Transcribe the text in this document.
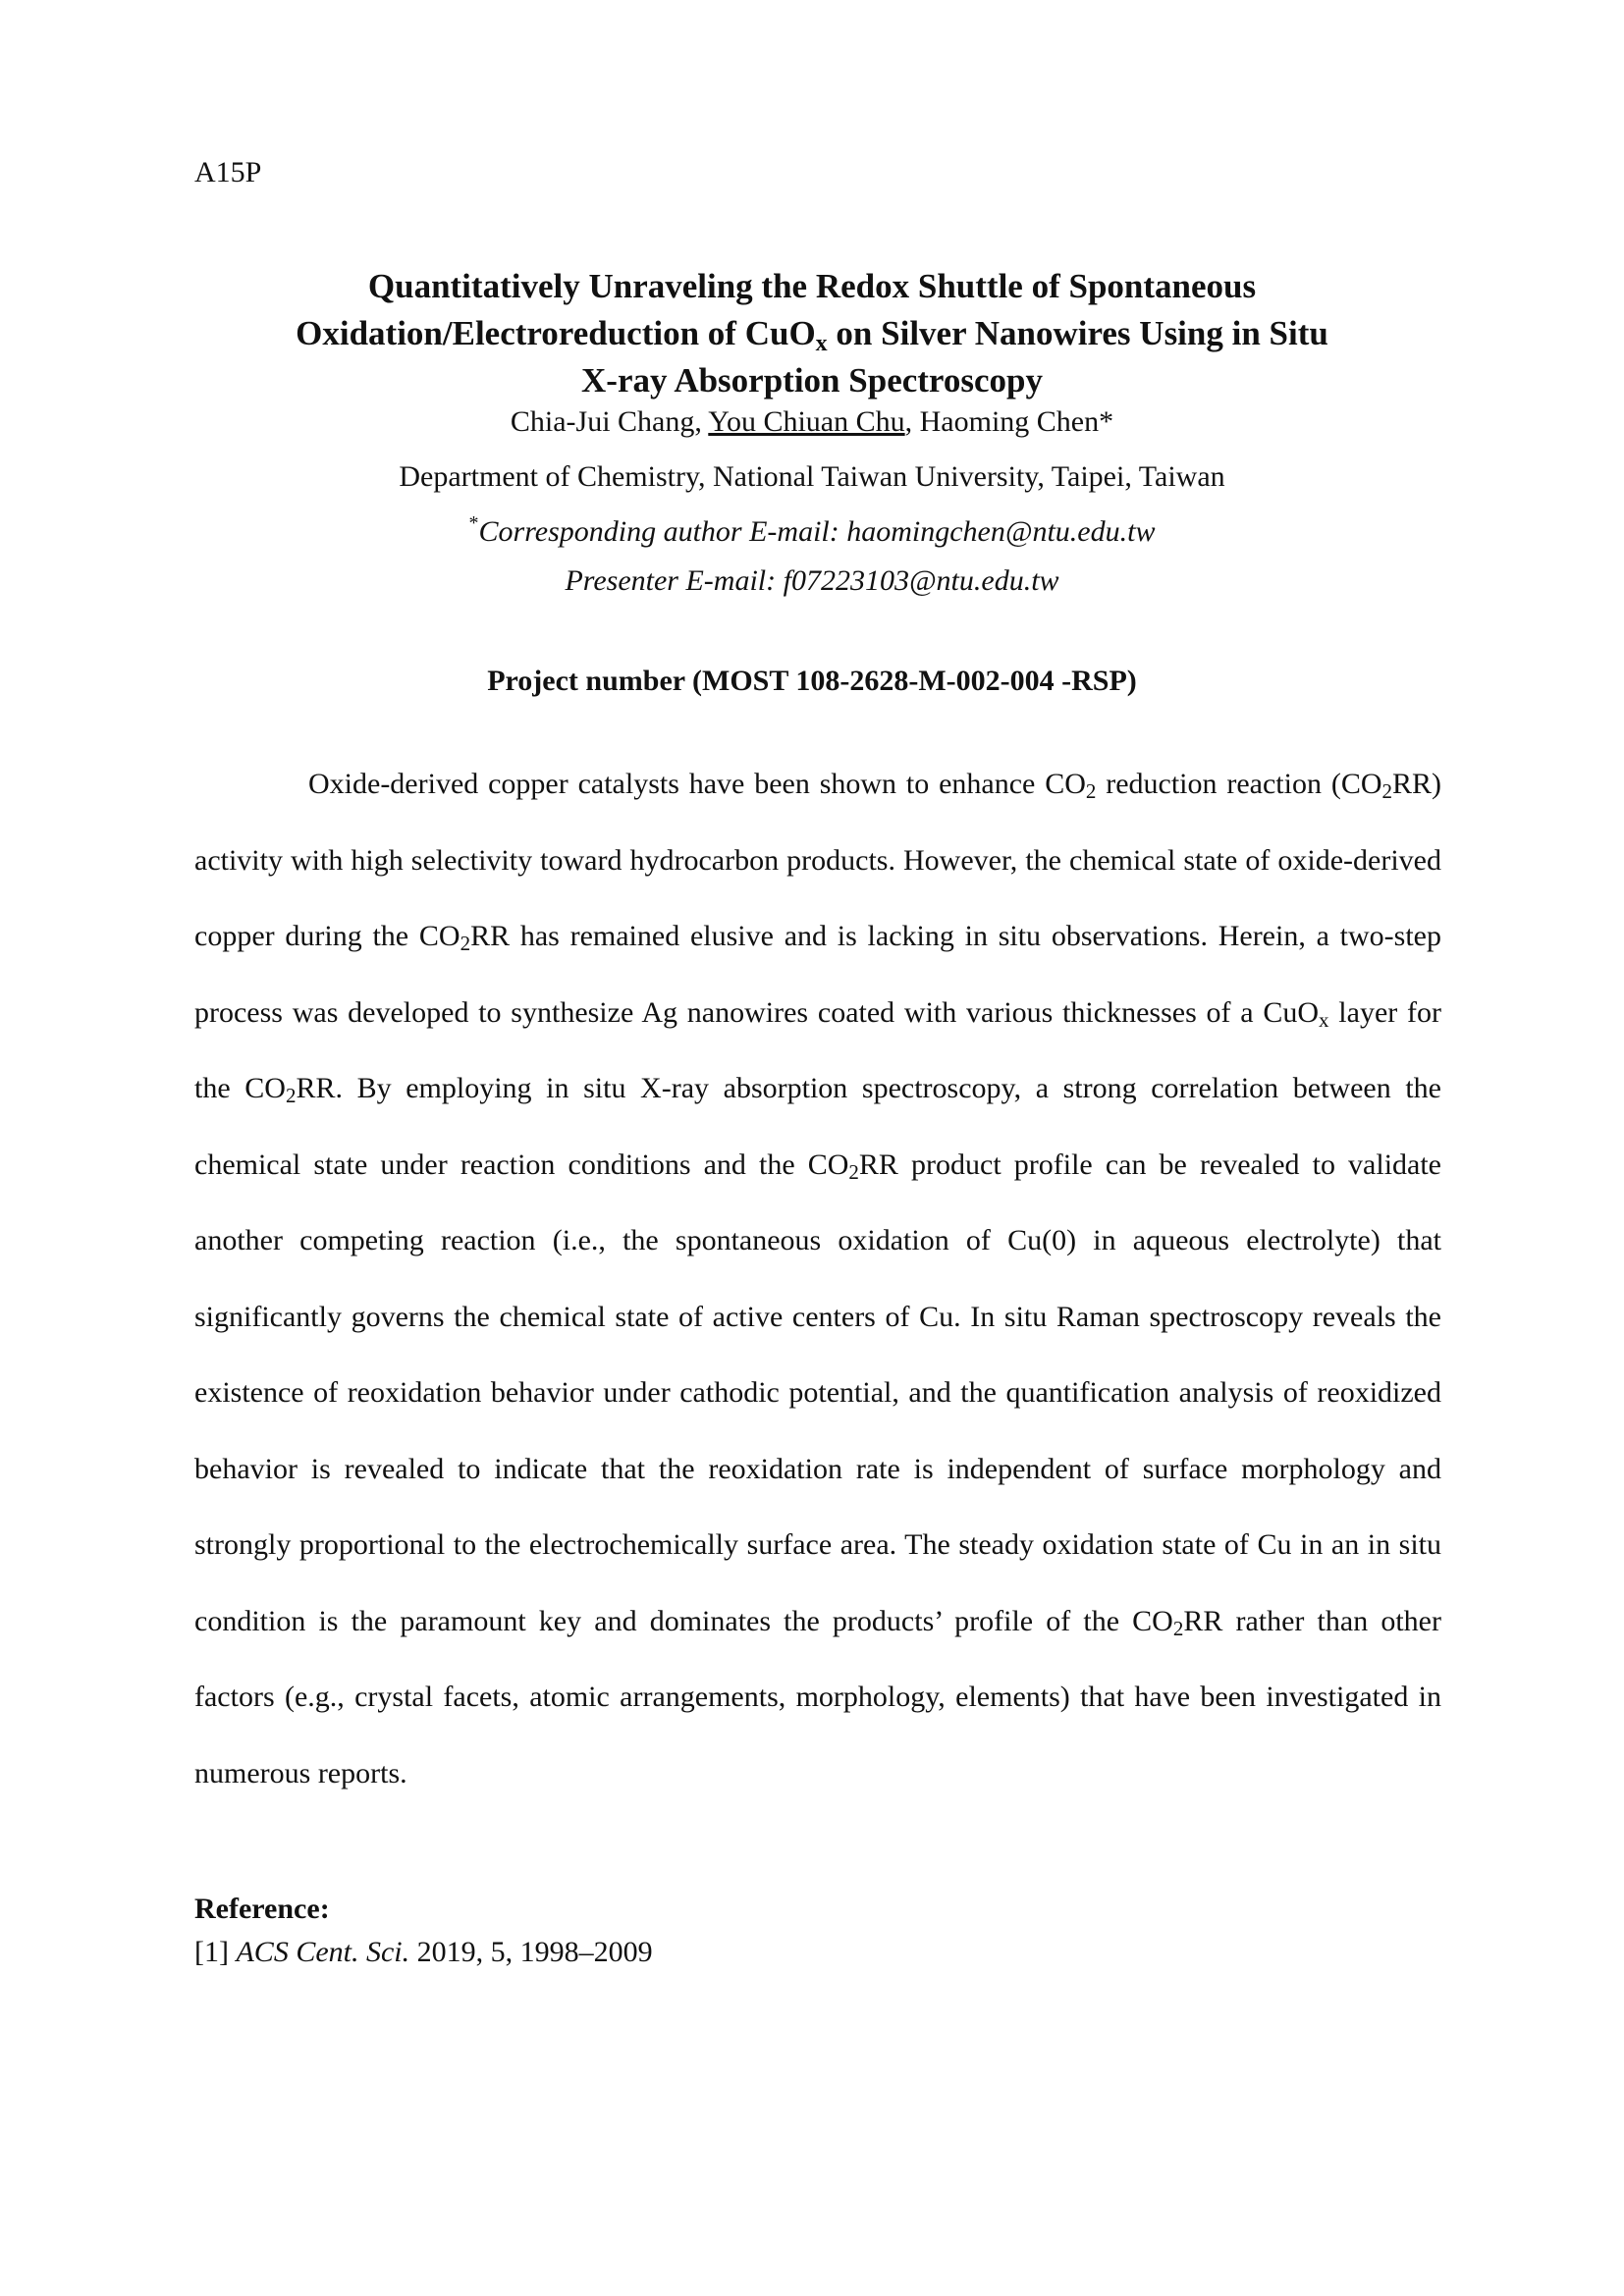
A15P
Quantitatively Unraveling the Redox Shuttle of Spontaneous
Oxidation/Electroreduction of CuO$_x$ on Silver Nanowires Using in Situ
X-ray Absorption Spectroscopy
Chia-Jui Chang, You Chiuan Chu, Haoming Chen*
Department of Chemistry, National Taiwan University, Taipei, Taiwan
*Corresponding author E-mail: haomingchen@ntu.edu.tw
Presenter E-mail: f07223103@ntu.edu.tw
Project number (MOST 108-2628-M-002-004 -RSP)

Oxide-derived copper catalysts have been shown to enhance $CO_2$ reduction reaction $(CO_2RR)$ activity with high selectivity toward hydrocarbon products. However, the chemical state of oxide-derived copper during the $CO_2RR$ has remained elusive and is lacking in situ observations. Herein, a two-step process was developed to synthesize Ag nanowires coated with various thicknesses of a CuO$_x$ layer for the $CO_2RR$. By employing in situ X-ray absorption spectroscopy, a strong correlation between the chemical state under reaction conditions and the $CO_2RR$ product profile can be revealed to validate another competing reaction (i.e., the spontaneous oxidation of Cu(0) in aqueous electrolyte) that significantly governs the chemical state of active centers of Cu. In situ Raman spectroscopy reveals the existence of reoxidation behavior under cathodic potential, and the quantification analysis of reoxidized behavior is revealed to indicate that the reoxidation rate is independent of surface morphology and strongly proportional to the electrochemically surface area. The steady oxidation state of Cu in an in situ condition is the paramount key and dominates the products’ profile of the $CO_2RR$ rather than other factors (e.g., crystal facets, atomic arrangements, morphology, elements) that have been investigated in numerous reports.

Reference:
[1] ACS Cent. Sci. 2019, 5, 1998–2009
